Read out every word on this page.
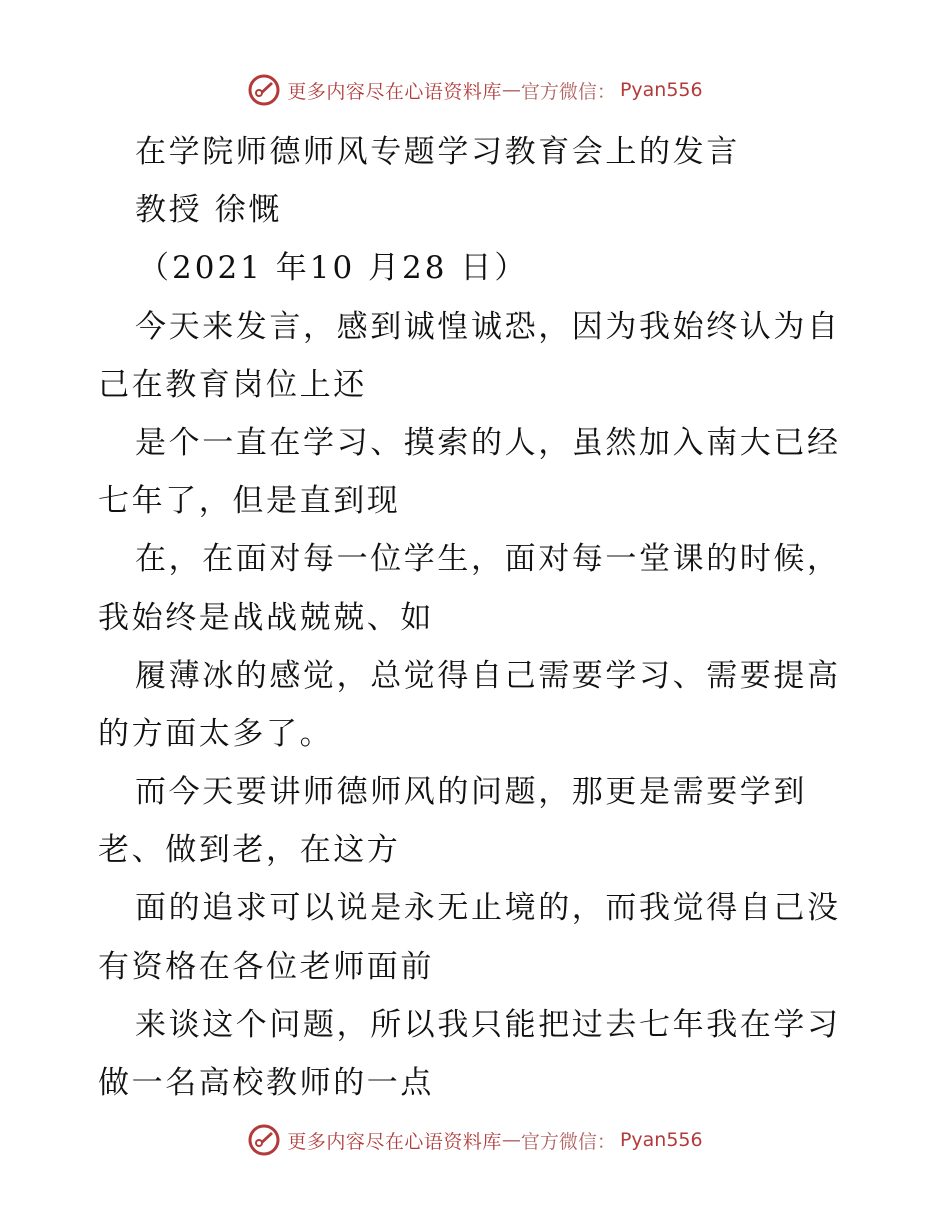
更多内容尽在心语资料库 — 官方微信： Pyan556

在学院师德师风专题学习教育会上的发言

教授 徐慨

（2021 年10 月28 日）

今天来发言，感到诚惶诚恐，因为我始终认为自

己在教育岗位上还

是个一直在学习、摸索的人，虽然加入南大已经

七年了，但是直到现

在，在面对每一位学生，面对每一堂课的时候，

我始终是战战兢兢、如

履薄冰的感觉，总觉得自己需要学习、需要提高

的方面太多了。

而今天要讲师德师风的问题，那更是需要学到

老、做到老，在这方

面的追求可以说是永无止境的，而我觉得自己没

有资格在各位老师面前

来谈这个问题，所以我只能把过去七年我在学习

做一名高校教师的一点

更多内容尽在心语资料库 — 官方微信： Pyan556
